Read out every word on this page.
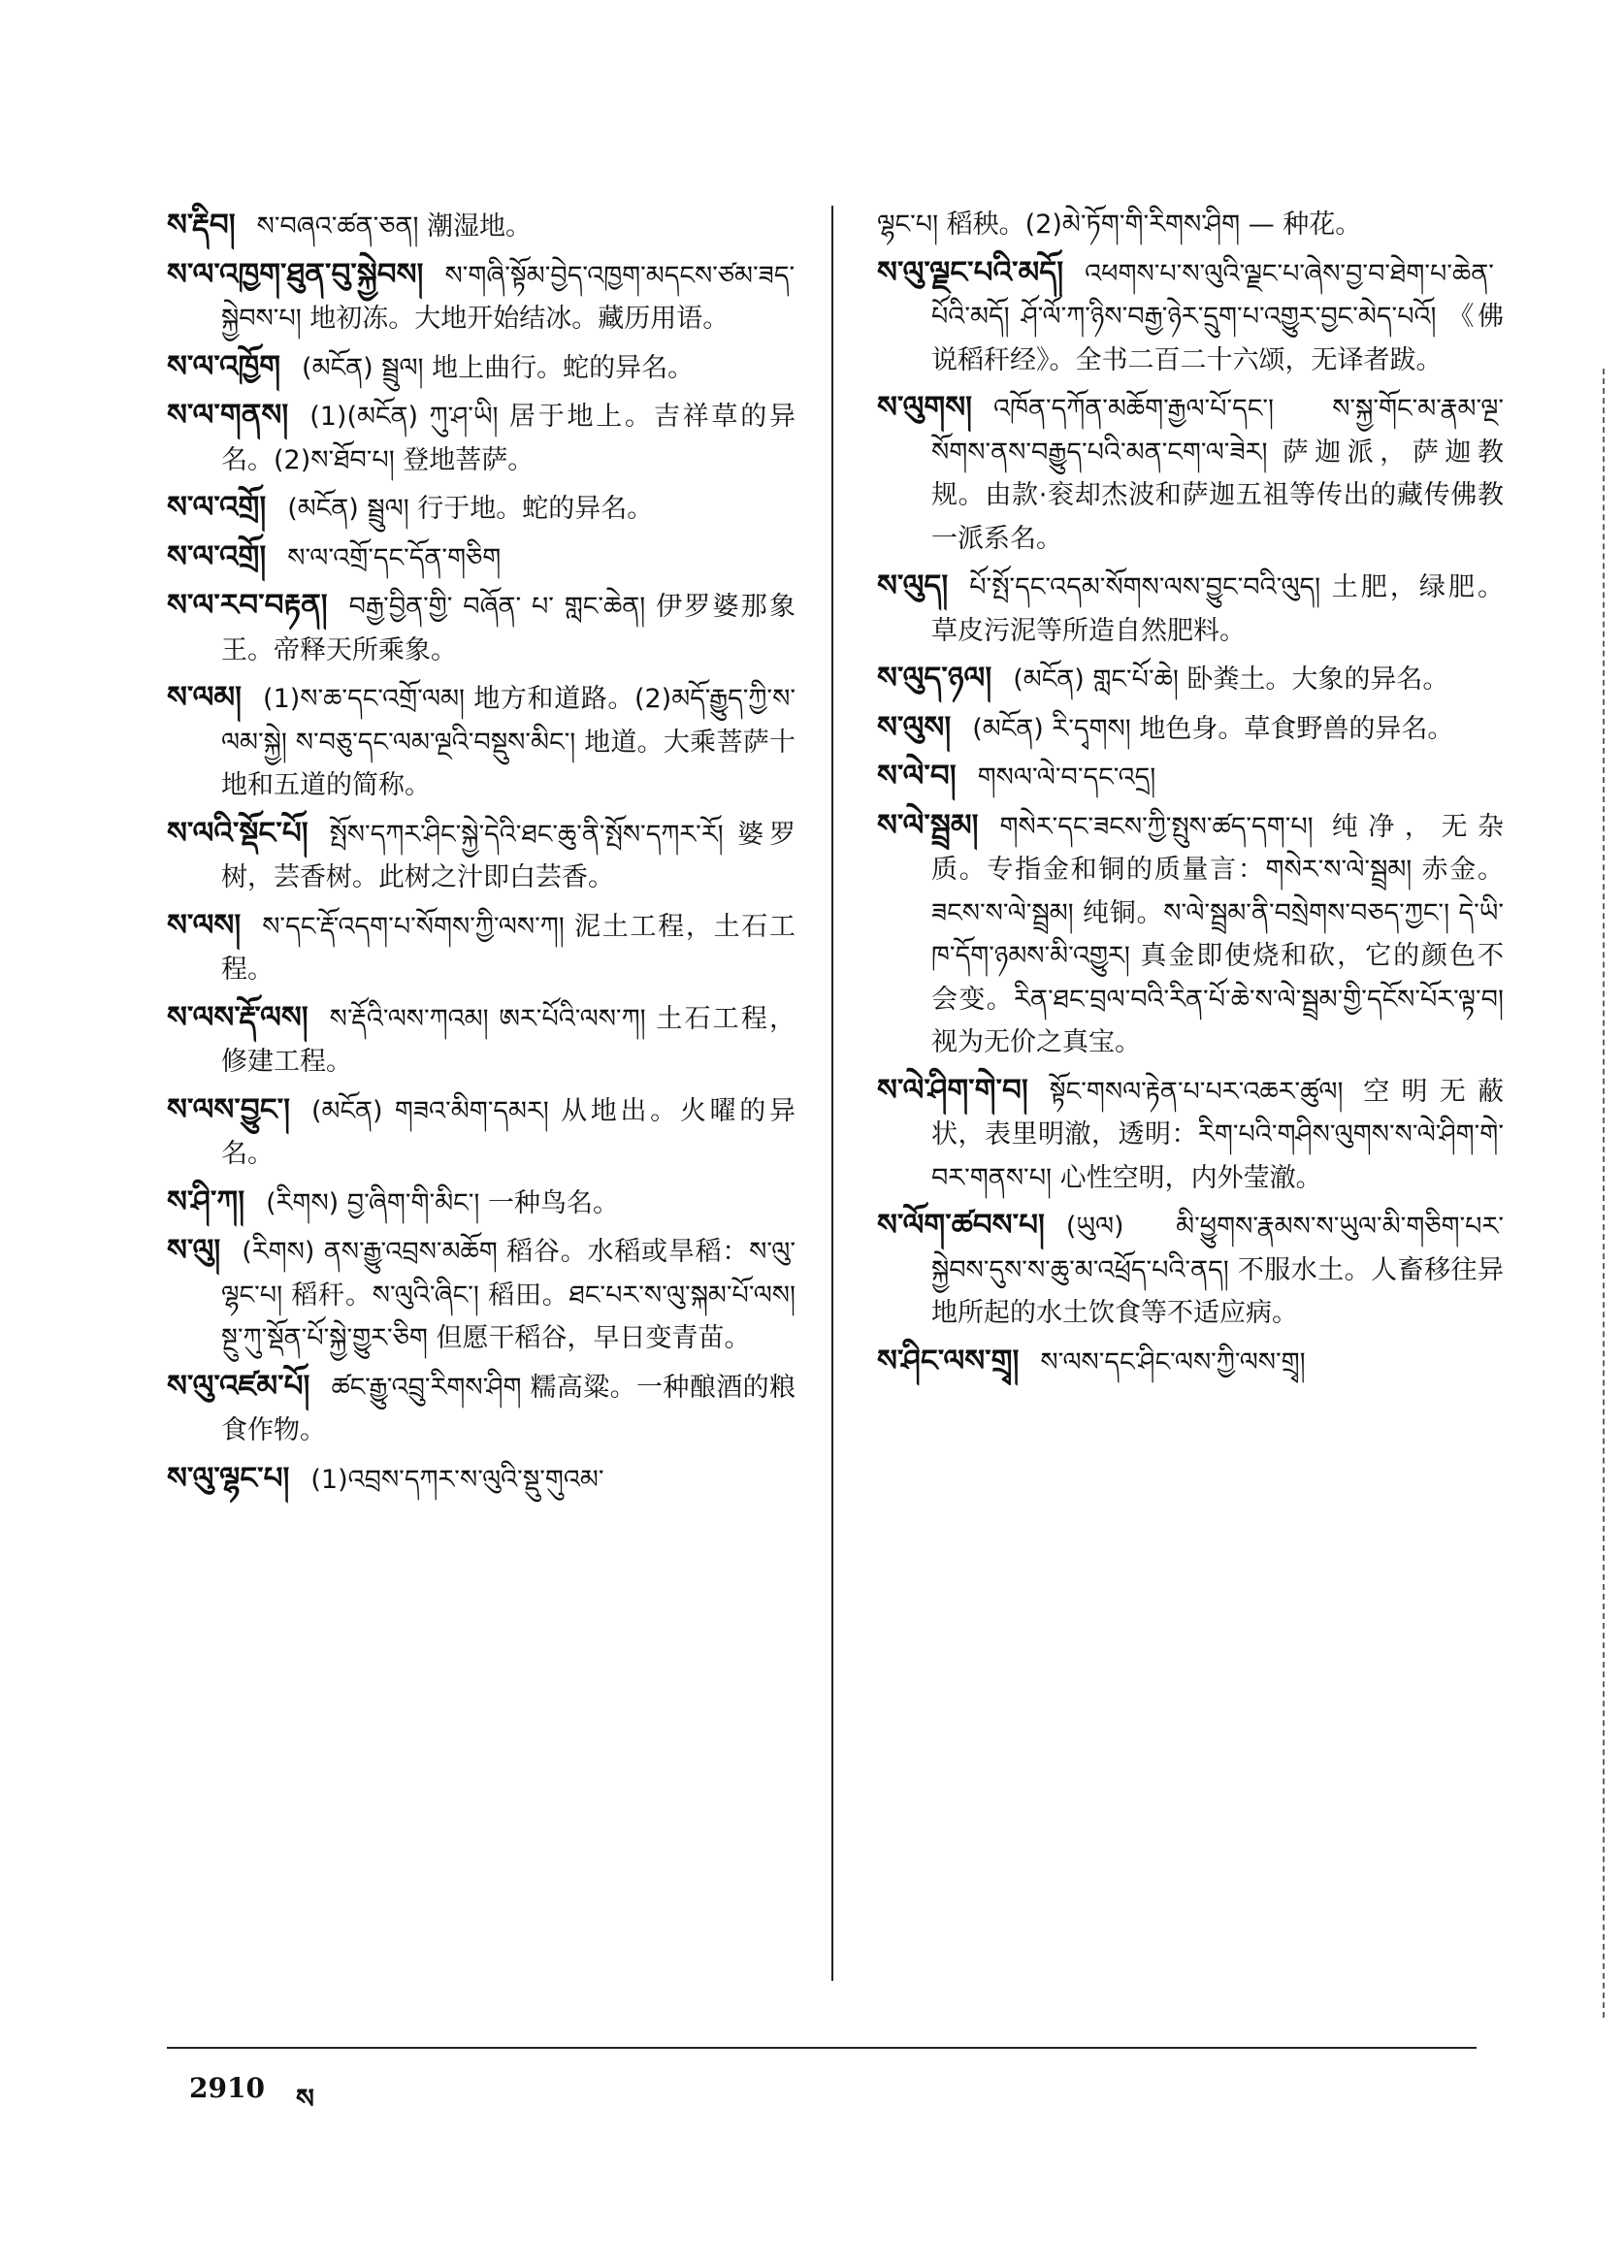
ས་རྡིབ། ས་བཞའ་ཚན་ཅན། 潮湿地。

ས་ལ་འཁྱག་ཐུན་བུ་སྐྱེབས། ས་གཞི་སྟོམ་བྱེད་འཁྱག་མདངས་ཙམ་ཟད་ སྐྱེབས་པ། 地初冻。大地开始结冰。藏历用语。

ས་ལ་འཁྱོག (མངོན) སྦྲུལ། 地上曲行。蛇的异名。

ས་ལ་གནས། (1)(མངོན) ཀུ་ཤ་ཡི། 居于地上。吉祥草的异名。(2)ས་ཐོབ་པ། 登地菩萨。

ས་ལ་འགྲོ། (མངོན) སྦྲུལ། 行于地。蛇的异名。

ས་ལ་འགྲོ། ས་ལ་འགྲོ་དང་དོན་གཅིག

ས་ལ་རབ་བརྟན། བརྒྱ་བྱིན་གྱི་ བཞོན་ པ་ གླང་ཆེན། 伊罗婆那象王。帝释天所乘象。

ས་ལམ། (1)ས་ཆ་དང་འགྲོ་ལམ། 地方和道路。(2)མདོ་རྒྱུད་ཀྱི་ས་ལམ་སྐྱེ། ས་བཅུ་དང་ལམ་ལྔའི་བསྡུས་མིང་། 地道。大乘菩萨十地和五道的简称。

ས་ལའི་སྡོང་པོ། སྤོས་དཀར་ཤིང་སྐྱེ་དེའི་ཐང་ཆུ་ནི་སྤོས་དཀར་རོ། 婆罗树，芸香树。此树之汁即白芸香。

ས་ལས། ས་དང་རྡོ་འདག་པ་སོགས་ཀྱི་ལས་ཀ། 泥土工程，土石工程。

ས་ལས་རྡོ་ལས། ས་རྡོའི་ལས་ཀའམ། ཨར་པོའི་ལས་ཀ། 土石工程，修建工程。

ས་ལས་བྱུང་། (མངོན) གཟའ་མིག་དམར། 从地出。火曜的异名。

ས་ཤི་ཀ། (རིགས) བྱ་ཞིག་གི་མིང་། 一种鸟名。

ས་ལུ། (རིགས) ནས་རྒྱུ་འབྲས་མཆོག 稻谷。水稻或旱稻：ས་ལུ་ལྷང་པ། 稻秆。ས་ལུའི་ཞིང་། 稻田。ཐང་པར་ས་ལུ་སྐམ་པོ་ལས། སྔུ་ཀུ་སྡོན་པོ་སྐྱེ་གྱུར་ཅིག 但愿干稻谷，早日变青苗。

ས་ལུ་འཛམ་པོ། ཚང་རྒྱུ་འབྲུ་རིགས་ཤིག 糯高粱。一种酿酒的粮食作物。

ས་ལུ་ལྷང་པ། (1)འབྲས་དཀར་ས་ལུའི་སྡུ་གུའམ་

ལྷང་པ། 稻秧。(2)མེ་ཏོག་གི་རིགས་ཤིག — 种花。

ས་ལུ་ལྗང་པའི་མདོ། འཕགས་པ་ས་ལུའི་ལྗང་པ་ཞེས་བྱ་བ་ཐེག་པ་ཆེན་པོའི་མདོ། ཤོ་ལོ་ཀ་ཉིས་བརྒྱ་ཉེར་དྲུག་པ་འགྱུར་བྱང་མེད་པའོ། 《佛说稻秆经》。全书二百二十六颂，无译者跋。

ས་ལུགས། འཁོན་དཀོན་མཆོག་རྒྱལ་པོ་དང་། ས་སྐྱ་གོང་མ་རྣམ་ལྔ་སོགས་ནས་བརྒྱུད་པའི་མན་ངག་ལ་ཟེར། 萨迦派，萨迦教规。由款·衮却杰波和萨迦五祖等传出的藏传佛教一派系名。

ས་ལུད། པོ་སྤོ་དང་འདམ་སོགས་ལས་བྱུང་བའི་ལུད། 土肥，绿肥。草皮污泥等所造自然肥料。

ས་ལུད་ཉལ། (མངོན) གླང་པོ་ཆེ། 卧粪土。大象的异名。

ས་ལུས། (མངོན) རི་དྭགས། 地色身。草食野兽的异名。

ས་ལེ་བ། གསལ་ལེ་བ་དང་འདྲ།

ས་ལེ་སྦྲམ། གསེར་དང་ཟངས་ཀྱི་སྤུས་ཚད་དག་པ། 纯净，无杂质。专指金和铜的质量言：གསེར་ས་ལེ་སྦྲམ། 赤金。ཟངས་ས་ལེ་སྦྲམ། 纯铜。ས་ལེ་སྦྲམ་ནི་བསྲེགས་བཅད་ཀྱང་། དེ་ཡི་ཁ་དོག་ཉམས་མི་འགྱུར། 真金即使烧和砍，它的颜色不会变。རིན་ཐང་བྲལ་བའི་རིན་པོ་ཆེ་ས་ལེ་སྦྲམ་གྱི་དངོས་པོར་ལྟ་བ། 视为无价之真宝。

ས་ལེ་ཤིག་གེ་བ། སྟོང་གསལ་རྟེན་པ་པར་འཆར་ཚུལ། 空明无蔽状，表里明澈，透明：རིག་པའི་གཤིས་ལུགས་ས་ལེ་ཤིག་གེ་བར་གནས་པ། 心性空明，内外莹澈。

ས་ལོག་ཚབས་པ། (ཡུལ) མི་ཕྱུགས་རྣམས་ས་ཡུལ་མི་གཅིག་པར་སྐྱེབས་དུས་ས་ཆུ་མ་འཕྲོད་པའི་ནད། 不服水土。人畜移往异地所起的水土饮食等不适应病。

ས་ཤིང་ལས་གྲྭ། ས་ལས་དང་ཤིང་ལས་ཀྱི་ལས་གྲྭ།

2910 ས
